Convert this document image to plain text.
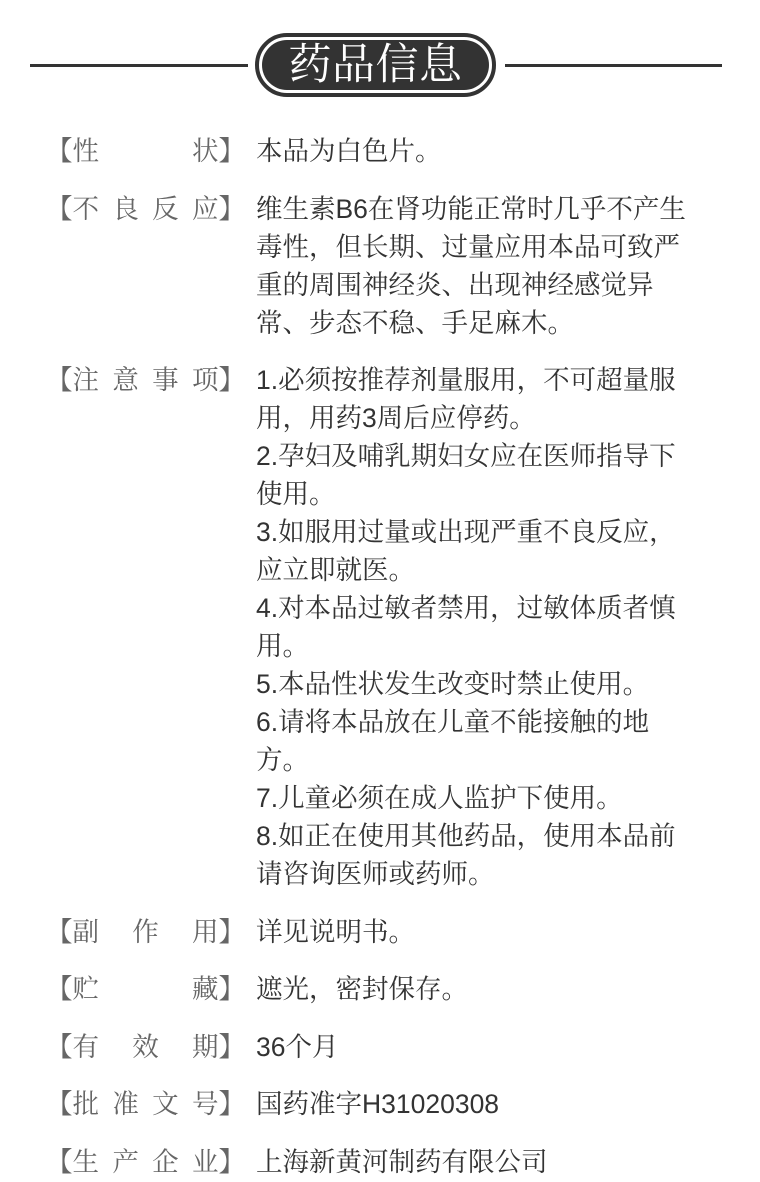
药品信息
【 性状 】 本品为白色片。
【 不良反应 】 维生素B6在肾功能正常时几乎不产生
毒性，但长期、过量应用本品可致严
重的周围神经炎、出现神经感觉异
常、步态不稳、手足麻木。
【 注意事项 】 1.必须按推荐剂量服用，不可超量服
用，用药3周后应停药。
2.孕妇及哺乳期妇女应在医师指导下
使用。
3.如服用过量或出现严重不良反应，
应立即就医。
4.对本品过敏者禁用，过敏体质者慎
用。
5.本品性状发生改变时禁止使用。
6.请将本品放在儿童不能接触的地
方。
7.儿童必须在成人监护下使用。
8.如正在使用其他药品，使用本品前
请咨询医师或药师。
【 副作用 】 详见说明书。
【 贮藏 】 遮光，密封保存。
【 有效期 】 36个月
【 批准文号 】 国药准字H31020308
【 生产企业 】 上海新黄河制药有限公司
